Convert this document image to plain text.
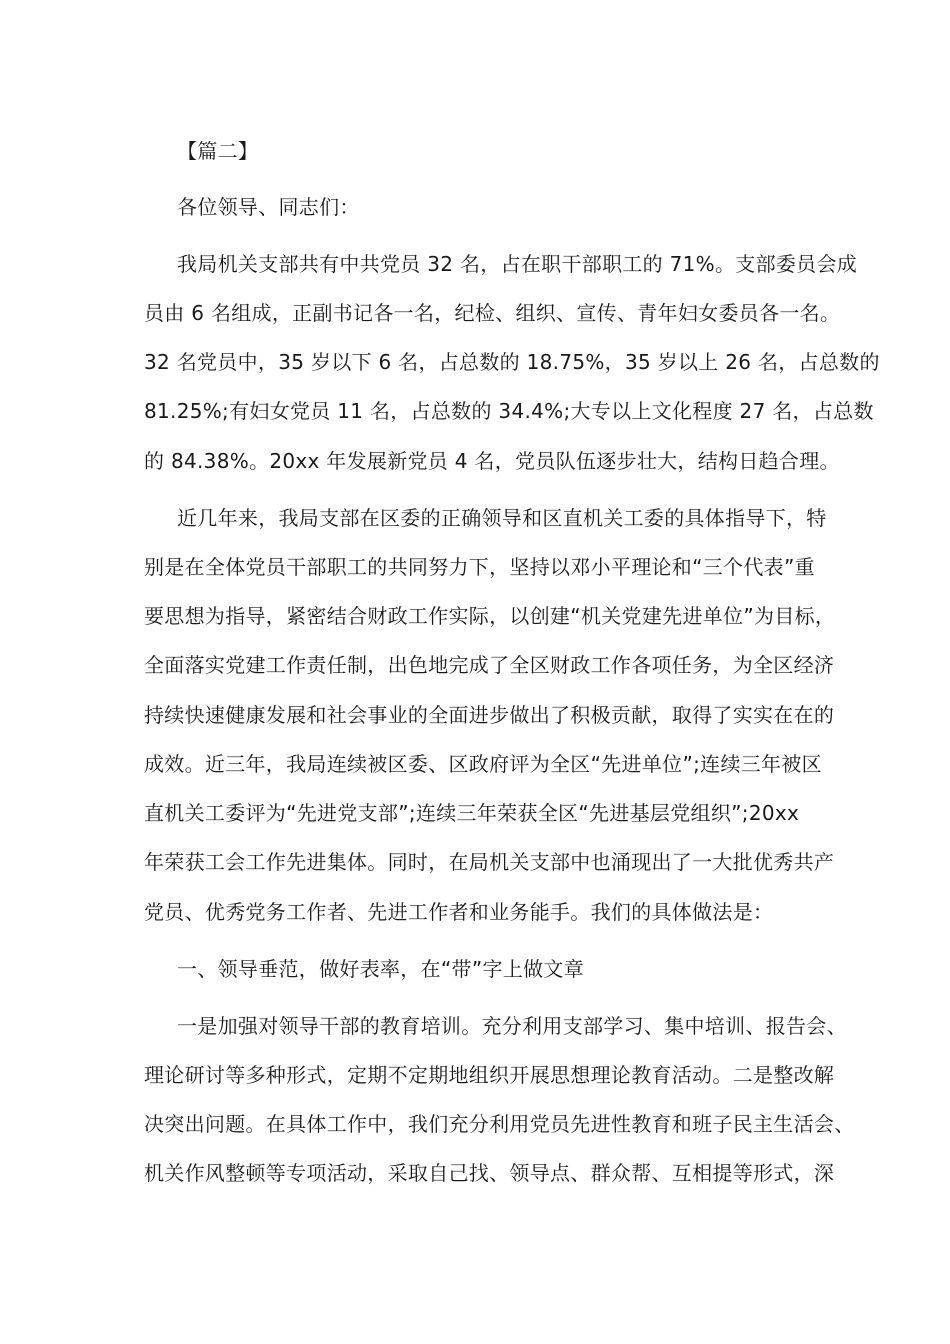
【篇二】
各位领导、同志们：
我局机关支部共有中共党员 32 名，占在职干部职工的 71%。支部委员会成
员由 6 名组成，正副书记各一名，纪检、组织、宣传、青年妇女委员各一名。
32 名党员中，35 岁以下 6 名，占总数的 18.75%，35 岁以上 26 名，占总数的
81.25%;有妇女党员 11 名，占总数的 34.4%;大专以上文化程度 27 名，占总数
的 84.38%。20xx 年发展新党员 4 名，党员队伍逐步壮大，结构日趋合理。
近几年来，我局支部在区委的正确领导和区直机关工委的具体指导下，特
别是在全体党员干部职工的共同努力下，坚持以邓小平理论和“三个代表”重
要思想为指导，紧密结合财政工作实际，以创建“机关党建先进单位”为目标，
全面落实党建工作责任制，出色地完成了全区财政工作各项任务，为全区经济
持续快速健康发展和社会事业的全面进步做出了积极贡献，取得了实实在在的
成效。近三年，我局连续被区委、区政府评为全区“先进单位”;连续三年被区
直机关工委评为“先进党支部”;连续三年荣获全区“先进基层党组织”;20xx
年荣获工会工作先进集体。同时，在局机关支部中也涌现出了一大批优秀共产
党员、优秀党务工作者、先进工作者和业务能手。我们的具体做法是：
一、领导垂范，做好表率，在“带”字上做文章
一是加强对领导干部的教育培训。充分利用支部学习、集中培训、报告会、
理论研讨等多种形式，定期不定期地组织开展思想理论教育活动。二是整改解
决突出问题。在具体工作中，我们充分利用党员先进性教育和班子民主生活会、
机关作风整顿等专项活动，采取自己找、领导点、群众帮、互相提等形式，深
